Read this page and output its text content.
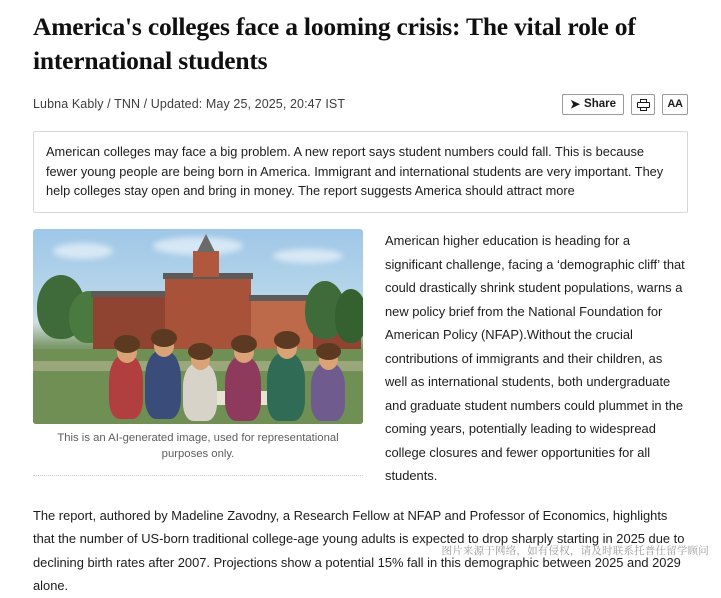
America's colleges face a looming crisis: The vital role of international students
Lubna Kably / TNN / Updated: May 25, 2025, 20:47 IST	➤ Share	AA

American colleges may face a big problem. A new report says student numbers could fall. This is because fewer young people are being born in America. Immigrant and international students are very important. They help colleges stay open and bring in money. The report suggests America should attract more

This is an AI-generated image, used for representational purposes only.

American higher education is heading for a significant challenge, facing a ‘demographic cliff’ that could drastically shrink student populations, warns a new policy brief from the National Foundation for American Policy (NFAP).Without the crucial contributions of immigrants and their children, as well as international students, both undergraduate and graduate student numbers could plummet in the coming years, potentially leading to widespread college closures and fewer opportunities for all students.

The report, authored by Madeline Zavodny, a Research Fellow at NFAP and Professor of Economics, highlights that the number of US-born traditional college-age young adults is expected to drop sharply starting in 2025 due to declining birth rates after 2007. Projections show a potential 15% fall in this demographic between 2025 and 2029 alone.

图片来源于网络，如有侵权，请及时联系托普仕留学顾问
